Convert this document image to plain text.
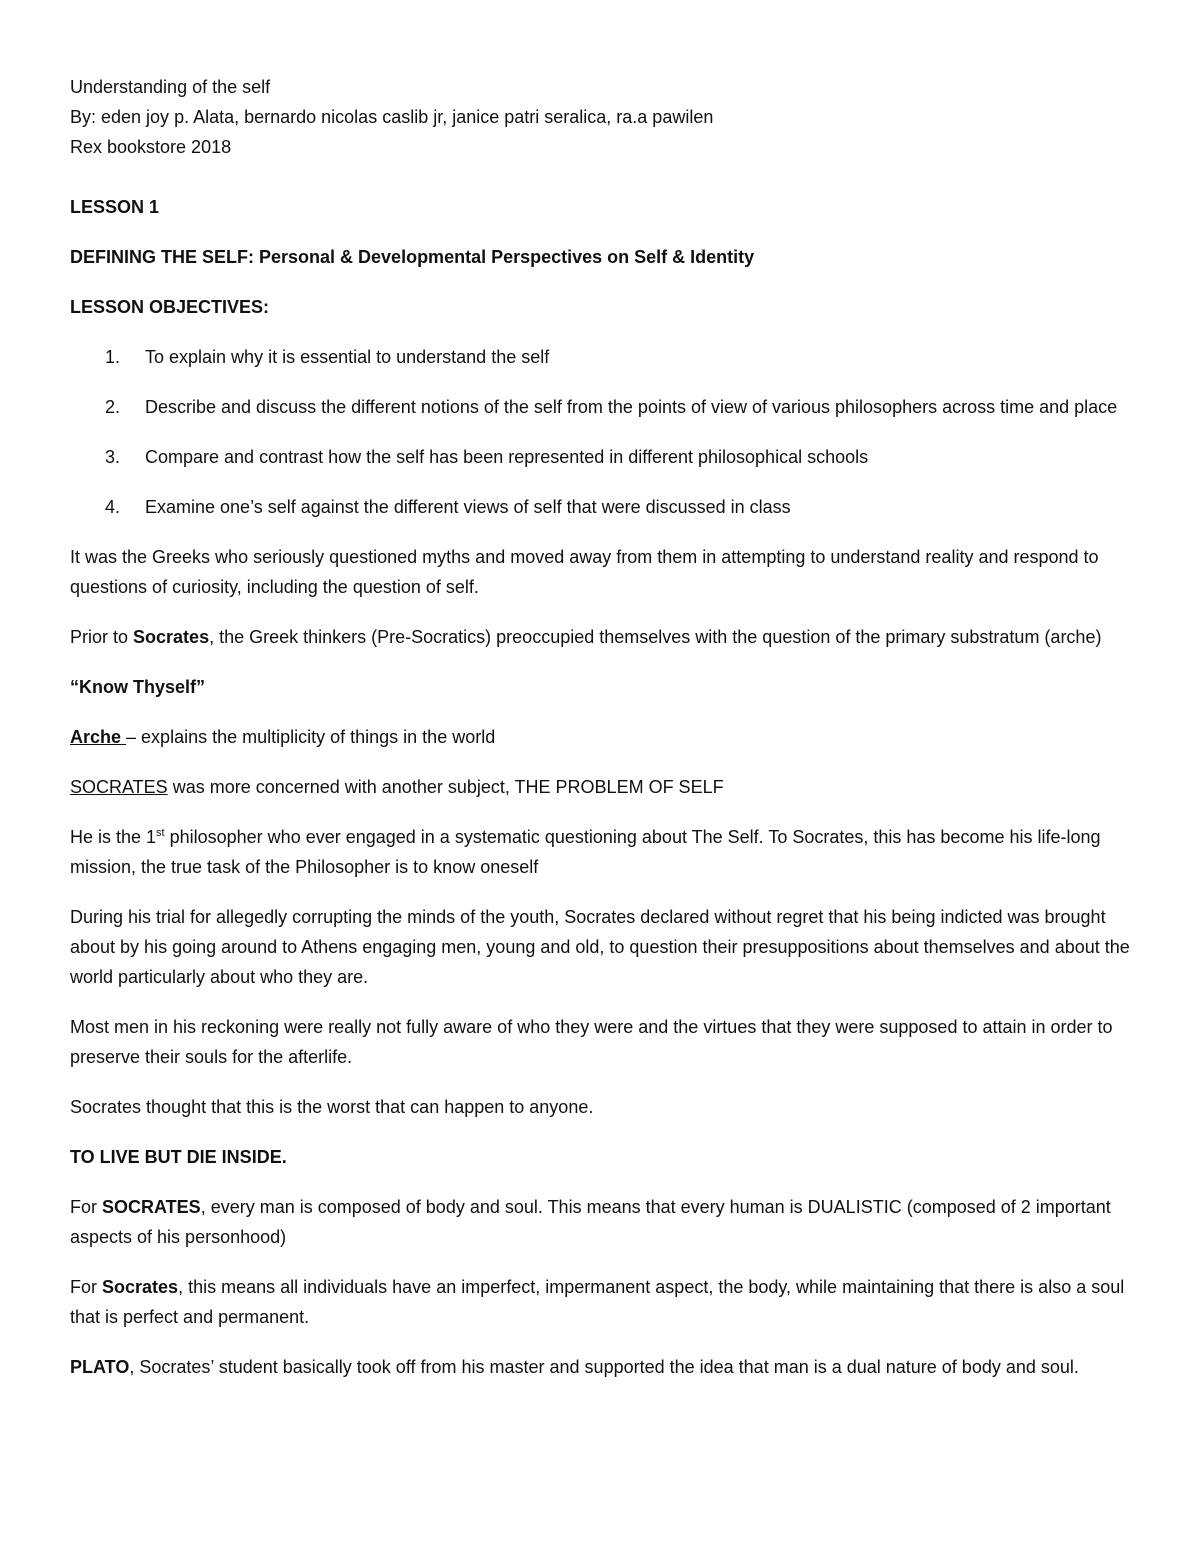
Understanding of the self

By: eden joy p. Alata, bernardo nicolas caslib jr, janice patri seralica, ra.a pawilen

Rex bookstore 2018

LESSON 1

DEFINING THE SELF: Personal & Developmental Perspectives on Self & Identity

LESSON OBJECTIVES:

1.	To explain why it is essential to understand the self
2.	Describe and discuss the different notions of the self from the points of view of various philosophers across time and place
3.	Compare and contrast how the self has been represented in different philosophical schools
4.	Examine one’s self against the different views of self that were discussed in class

It was the Greeks who seriously questioned myths and moved away from them in attempting to understand reality and respond to questions of curiosity, including the question of self.

Prior to Socrates, the Greek thinkers (Pre-Socratics) preoccupied themselves with the question of the primary substratum (arche)

“Know Thyself”

Arche – explains the multiplicity of things in the world

SOCRATES was more concerned with another subject, THE PROBLEM OF SELF

He is the 1st philosopher who ever engaged in a systematic questioning about The Self. To Socrates, this has become his life-long mission, the true task of the Philosopher is to know oneself

During his trial for allegedly corrupting the minds of the youth, Socrates declared without regret that his being indicted was brought about by his going around to Athens engaging men, young and old, to question their presuppositions about themselves and about the world particularly about who they are.

Most men in his reckoning were really not fully aware of who they were and the virtues that they were supposed to attain in order to preserve their souls for the afterlife.

Socrates thought that this is the worst that can happen to anyone.

TO LIVE BUT DIE INSIDE.

For SOCRATES, every man is composed of body and soul. This means that every human is DUALISTIC (composed of 2 important aspects of his personhood)

For Socrates, this means all individuals have an imperfect, impermanent aspect, the body, while maintaining that there is also a soul that is perfect and permanent.

PLATO, Socrates’ student basically took off from his master and supported the idea that man is a dual nature of body and soul.
